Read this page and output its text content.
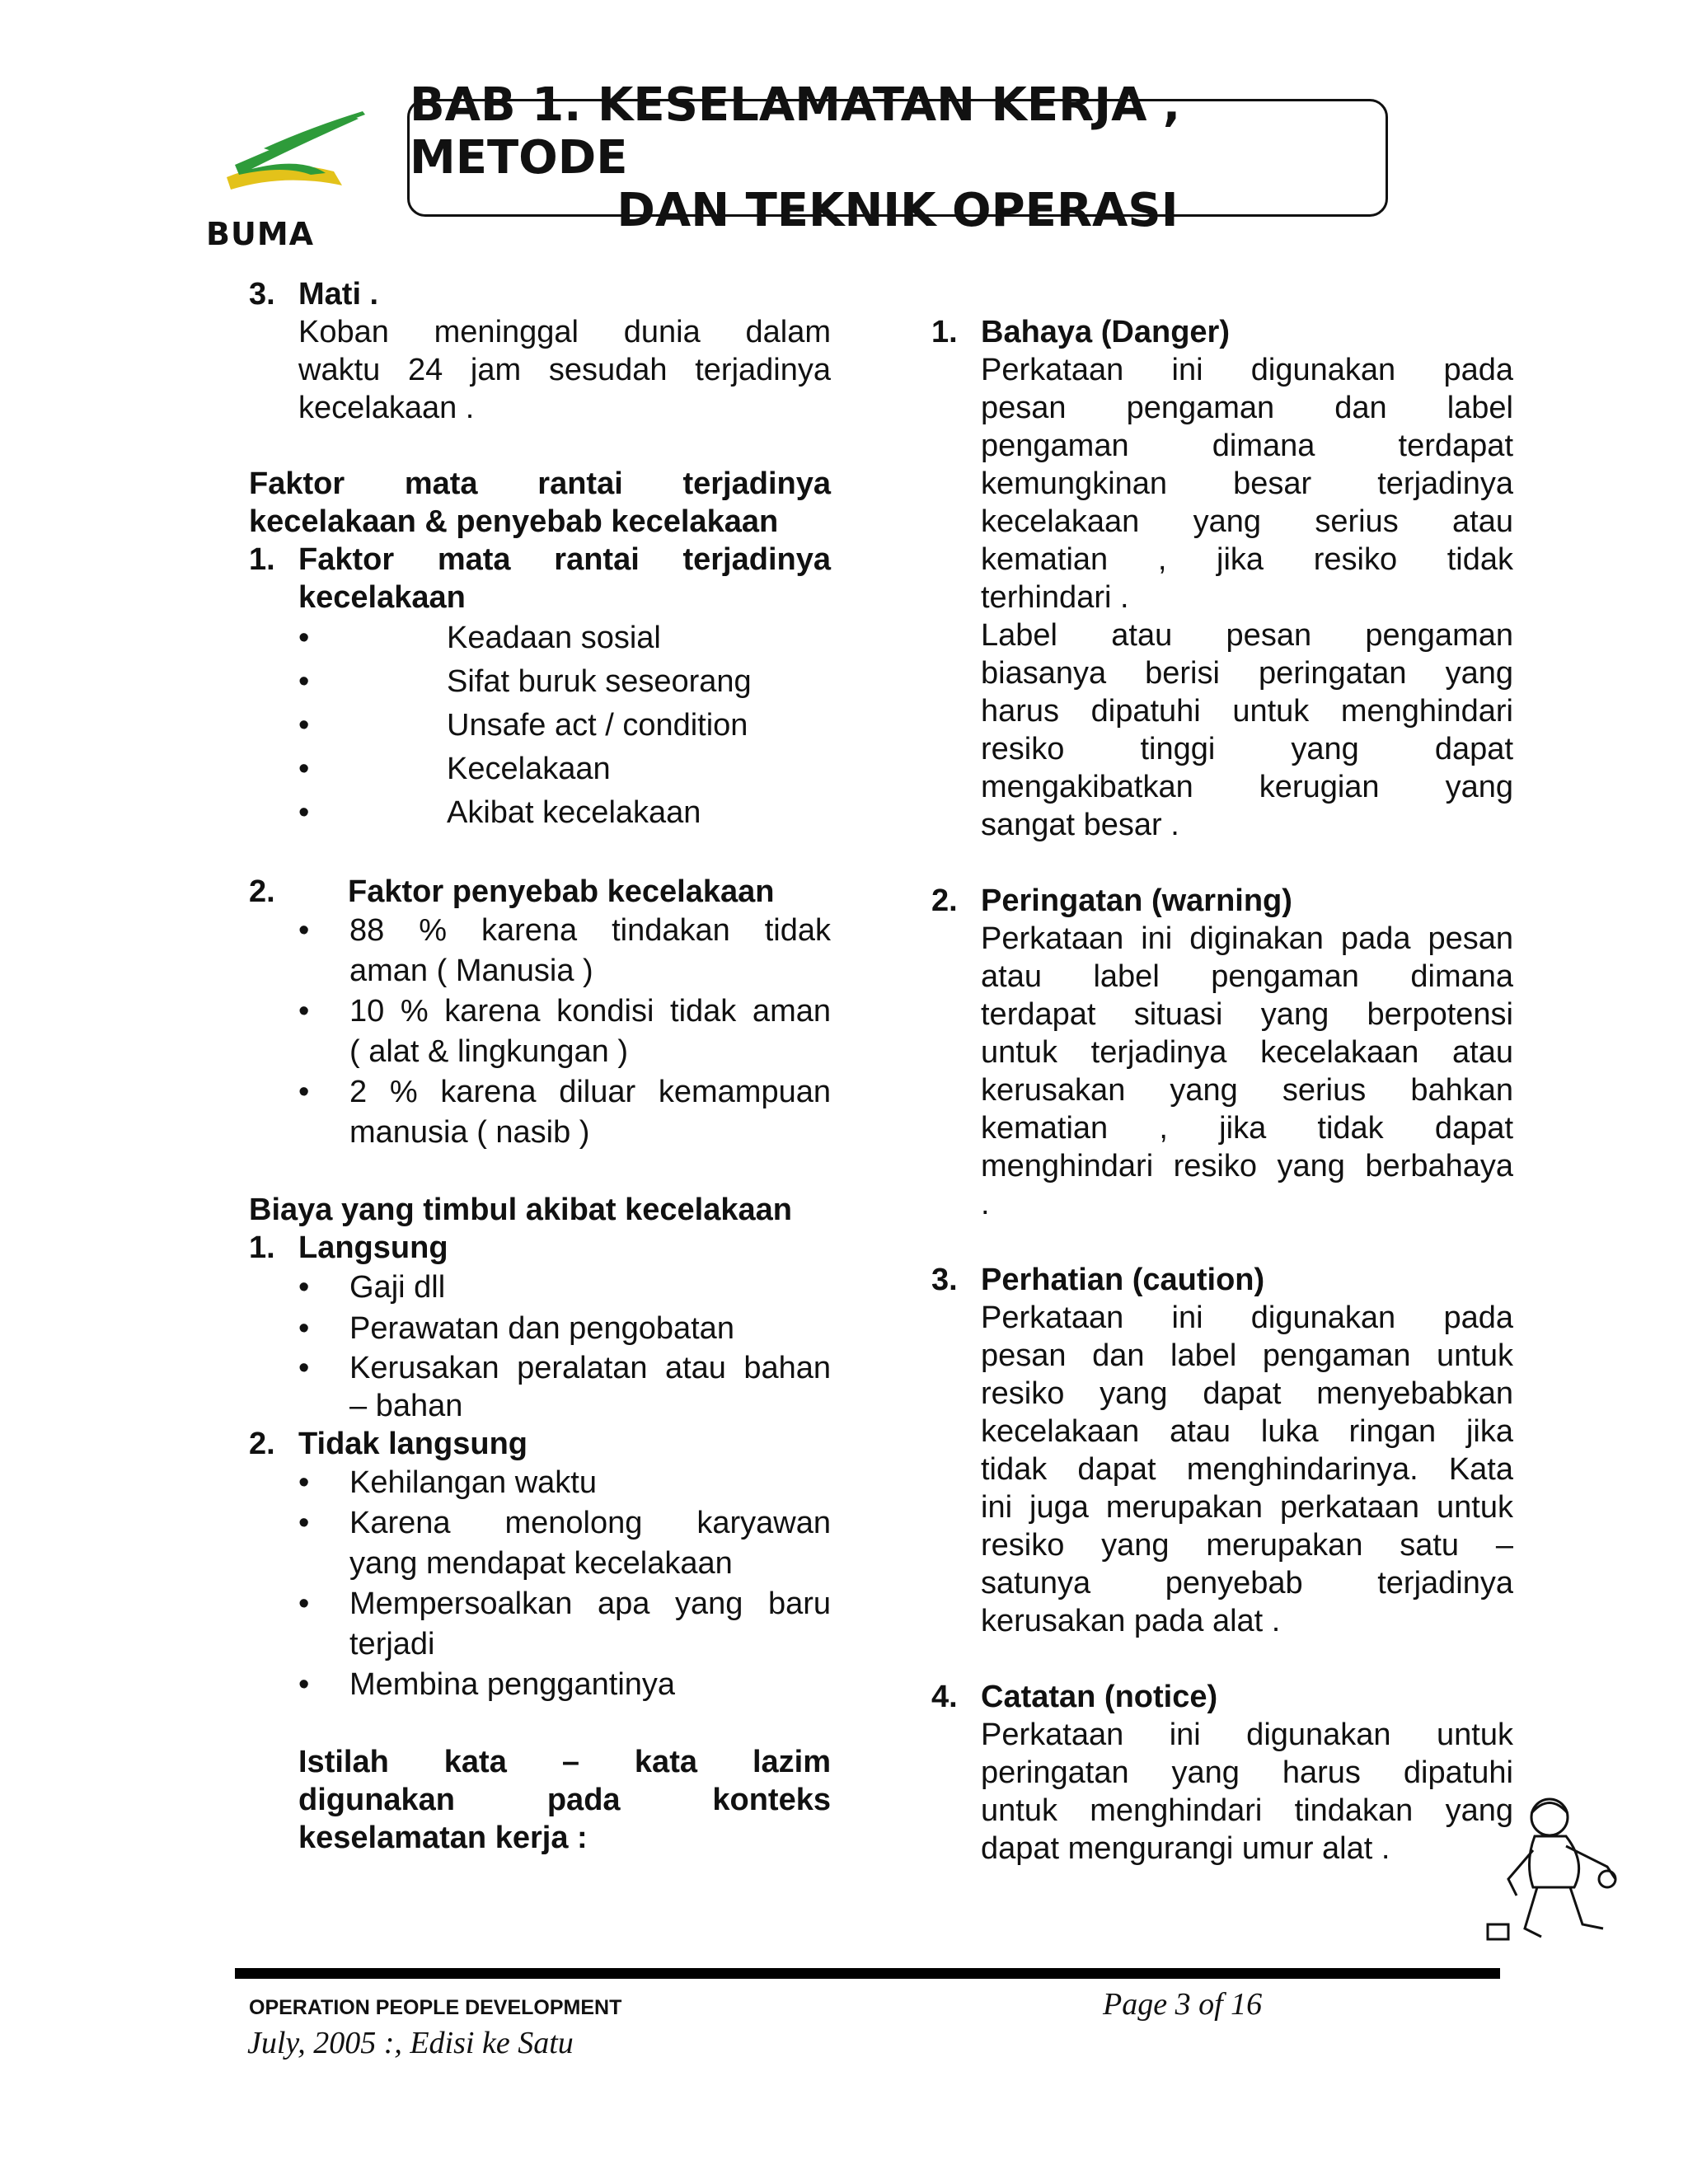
BUMA
BAB 1. KESELAMATAN KERJA , METODE
DAN TEKNIK OPERASI
3. Mati .
Koban meninggal dunia dalam
waktu 24 jam sesudah terjadinya
kecelakaan .
Faktor mata rantai terjadinya
kecelakaan & penyebab kecelakaan
1. Faktor mata rantai terjadinya
kecelakaan
•	Keadaan sosial
•	Sifat buruk seseorang
•	Unsafe act / condition
•	Kecelakaan
•	Akibat kecelakaan
2. Faktor penyebab kecelakaan
• 88 % karena tindakan tidak
aman ( Manusia )
• 10 % karena kondisi tidak aman
( alat & lingkungan )
• 2 % karena diluar kemampuan
manusia ( nasib )
Biaya yang timbul akibat kecelakaan
1. Langsung
• Gaji dll
• Perawatan dan pengobatan
• Kerusakan peralatan atau bahan
– bahan
2. Tidak langsung
• Kehilangan waktu
• Karena menolong karyawan
yang mendapat kecelakaan
• Mempersoalkan apa yang baru
terjadi
• Membina penggantinya
Istilah kata – kata lazim
digunakan pada konteks
keselamatan kerja :
1. Bahaya (Danger)
Perkataan ini digunakan pada
pesan pengaman dan label
pengaman dimana terdapat
kemungkinan besar terjadinya
kecelakaan yang serius atau
kematian , jika resiko tidak
terhindari .
Label atau pesan pengaman
biasanya berisi peringatan yang
harus dipatuhi untuk menghindari
resiko tinggi yang dapat
mengakibatkan kerugian yang
sangat besar .
2. Peringatan (warning)
Perkataan ini diginakan pada pesan
atau label pengaman dimana
terdapat situasi yang berpotensi
untuk terjadinya kecelakaan atau
kerusakan yang serius bahkan
kematian , jika tidak dapat
menghindari resiko yang berbahaya
.
3. Perhatian (caution)
Perkataan ini digunakan pada
pesan dan label pengaman untuk
resiko yang dapat menyebabkan
kecelakaan atau luka ringan jika
tidak dapat menghindarinya. Kata
ini juga merupakan perkataan untuk
resiko yang merupakan satu –
satunya penyebab terjadinya
kerusakan pada alat .
4. Catatan (notice)
Perkataan ini digunakan untuk
peringatan yang harus dipatuhi
untuk menghindari tindakan yang
dapat mengurangi umur alat .
OPERATION PEOPLE DEVELOPMENT	Page 3 of 16
July, 2005 :, Edisi ke Satu
